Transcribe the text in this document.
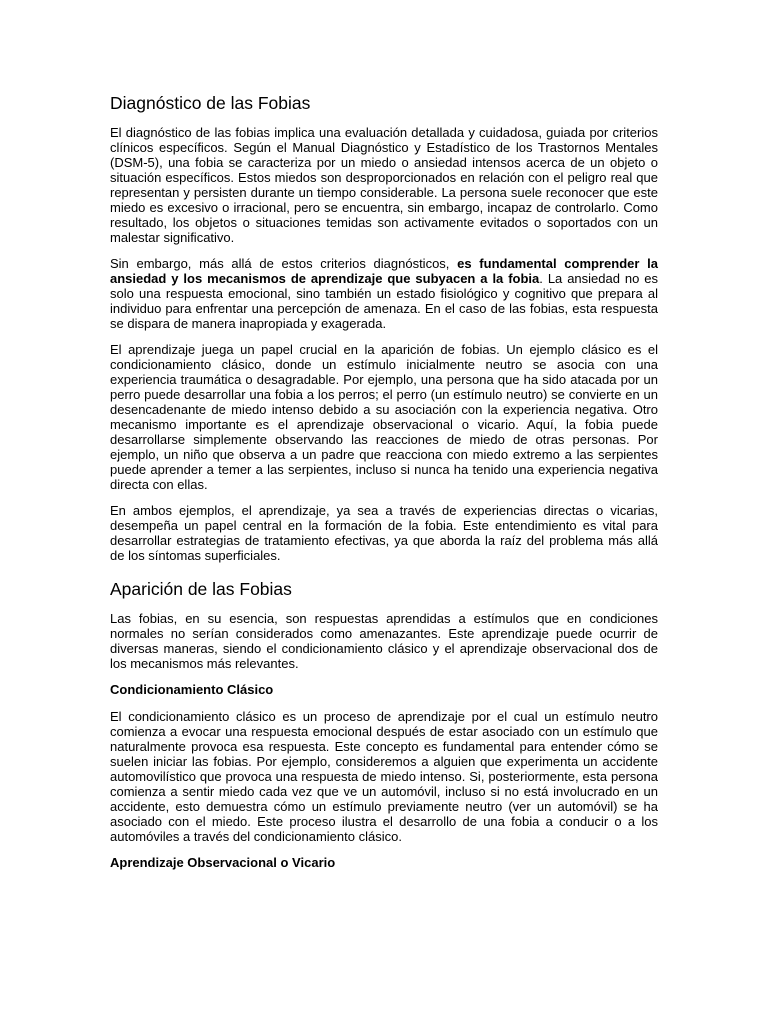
Diagnóstico de las Fobias

El diagnóstico de las fobias implica una evaluación detallada y cuidadosa, guiada por criterios clínicos específicos. Según el Manual Diagnóstico y Estadístico de los Trastornos Mentales (DSM-5), una fobia se caracteriza por un miedo o ansiedad intensos acerca de un objeto o situación específicos. Estos miedos son desproporcionados en relación con el peligro real que representan y persisten durante un tiempo considerable. La persona suele reconocer que este miedo es excesivo o irracional, pero se encuentra, sin embargo, incapaz de controlarlo. Como resultado, los objetos o situaciones temidas son activamente evitados o soportados con un malestar significativo.

Sin embargo, más allá de estos criterios diagnósticos, es fundamental comprender la ansiedad y los mecanismos de aprendizaje que subyacen a la fobia. La ansiedad no es solo una respuesta emocional, sino también un estado fisiológico y cognitivo que prepara al individuo para enfrentar una percepción de amenaza. En el caso de las fobias, esta respuesta se dispara de manera inapropiada y exagerada.

El aprendizaje juega un papel crucial en la aparición de fobias. Un ejemplo clásico es el condicionamiento clásico, donde un estímulo inicialmente neutro se asocia con una experiencia traumática o desagradable. Por ejemplo, una persona que ha sido atacada por un perro puede desarrollar una fobia a los perros; el perro (un estímulo neutro) se convierte en un desencadenante de miedo intenso debido a su asociación con la experiencia negativa. Otro mecanismo importante es el aprendizaje observacional o vicario. Aquí, la fobia puede desarrollarse simplemente observando las reacciones de miedo de otras personas. Por ejemplo, un niño que observa a un padre que reacciona con miedo extremo a las serpientes puede aprender a temer a las serpientes, incluso si nunca ha tenido una experiencia negativa directa con ellas.

En ambos ejemplos, el aprendizaje, ya sea a través de experiencias directas o vicarias, desempeña un papel central en la formación de la fobia. Este entendimiento es vital para desarrollar estrategias de tratamiento efectivas, ya que aborda la raíz del problema más allá de los síntomas superficiales.

Aparición de las Fobias

Las fobias, en su esencia, son respuestas aprendidas a estímulos que en condiciones normales no serían considerados como amenazantes. Este aprendizaje puede ocurrir de diversas maneras, siendo el condicionamiento clásico y el aprendizaje observacional dos de los mecanismos más relevantes.

Condicionamiento Clásico

El condicionamiento clásico es un proceso de aprendizaje por el cual un estímulo neutro comienza a evocar una respuesta emocional después de estar asociado con un estímulo que naturalmente provoca esa respuesta. Este concepto es fundamental para entender cómo se suelen iniciar las fobias. Por ejemplo, consideremos a alguien que experimenta un accidente automovilístico que provoca una respuesta de miedo intenso. Si, posteriormente, esta persona comienza a sentir miedo cada vez que ve un automóvil, incluso si no está involucrado en un accidente, esto demuestra cómo un estímulo previamente neutro (ver un automóvil) se ha asociado con el miedo. Este proceso ilustra el desarrollo de una fobia a conducir o a los automóviles a través del condicionamiento clásico.

Aprendizaje Observacional o Vicario
